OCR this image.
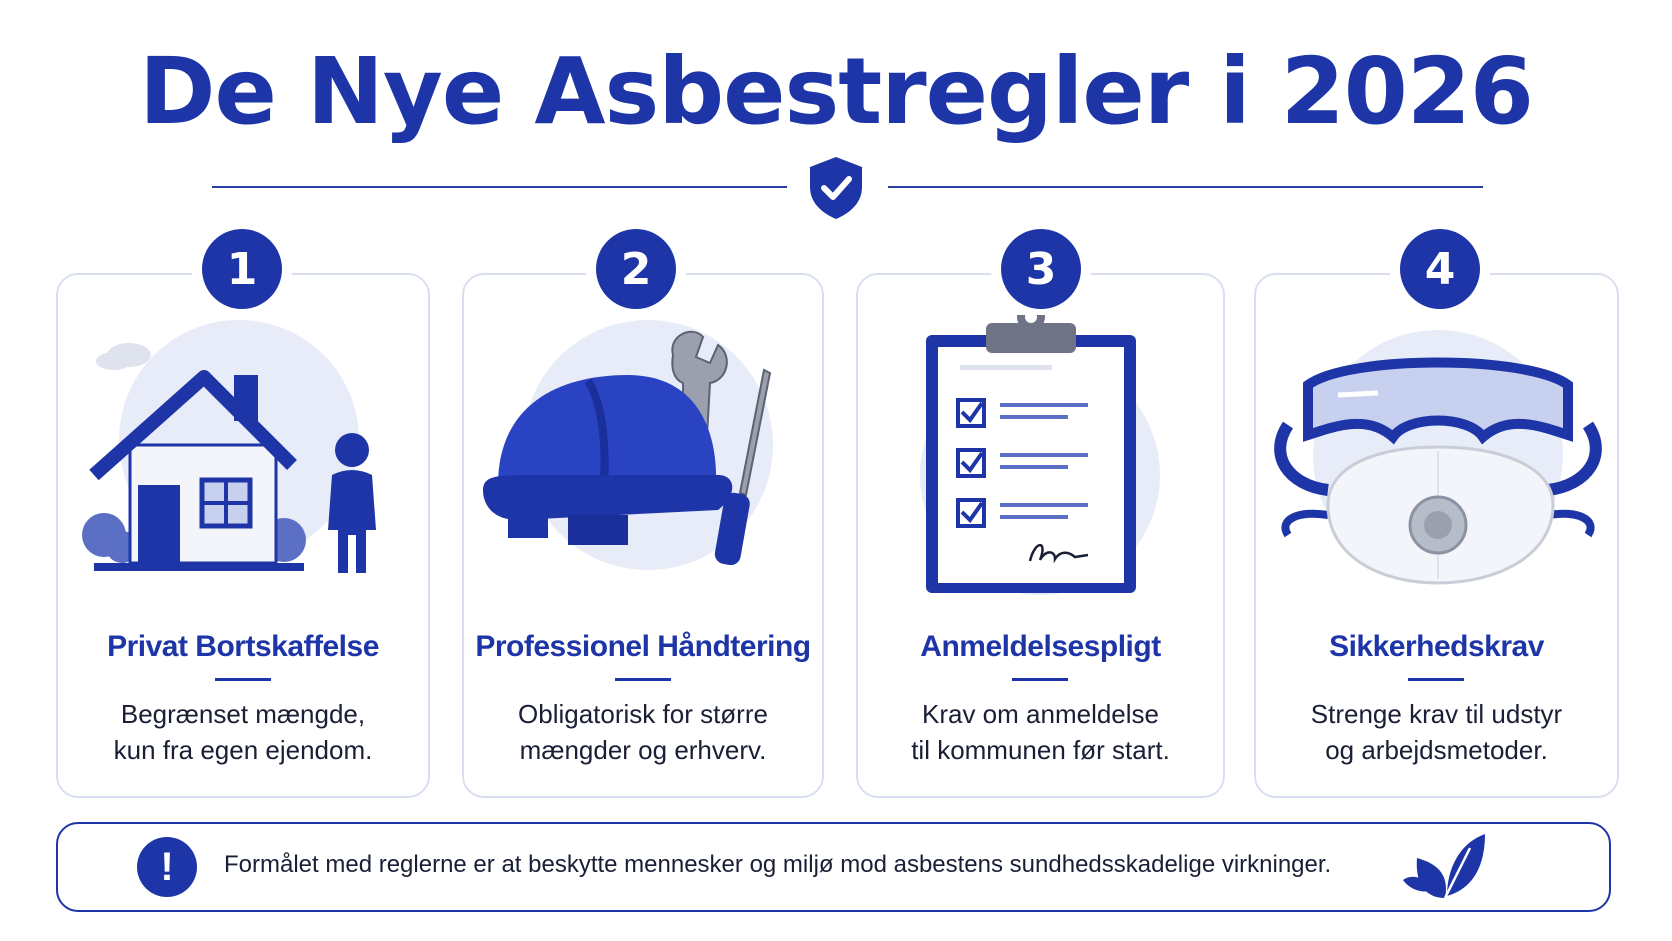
De Nye Asbestregler i 2026
1
Privat Bortskaffelse
Begrænset mængde,
kun fra egen ejendom.
2
Professionel Håndtering
Obligatorisk for større
mængder og erhverv.
3
Anmeldelsespligt
Krav om anmeldelse
til kommunen før start.
4
Sikkerhedskrav
Strenge krav til udstyr
og arbejdsmetoder.
!	Formålet med reglerne er at beskytte mennesker og miljø mod asbestens sundhedsskadelige virkninger.
